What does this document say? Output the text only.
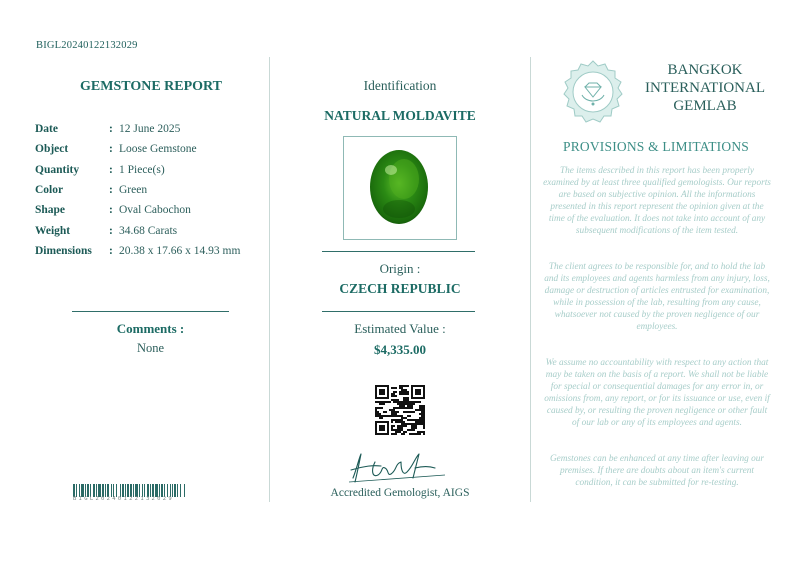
BIGL20240122132029
GEMSTONE REPORT
Date	: 12 June 2025
Object	: Loose Gemstone
Quantity	: 1 Piece(s)
Color	: Green
Shape	: Oval Cabochon
Weight	: 34.68 Carats
Dimensions	: 20.38 x 17.66 x 14.93 mm
Comments :
None
BIGL20240122132029
Identification
NATURAL MOLDAVITE
Origin :
CZECH REPUBLIC
Estimated Value :
$4,335.00
Accredited Gemologist, AIGS
BANGKOK
INTERNATIONAL
GEMLAB
PROVISIONS & LIMITATIONS
The items described in this report has been properly examined by at least three qualified gemologists. Our reports are based on subjective opinion. All the informations presented in this report represent the opinion given at the time of the evaluation. It does not take into account of any subsequent modifications of the item tested.
The client agrees to be responsible for, and to hold the lab and its employees and agents harmless from any injury, loss, damage or destruction of articles entrusted for examination, while in possession of the lab, resulting from any cause, whatsoever not caused by the proven negligence of our employees.
We assume no accountability with respect to any action that may be taken on the basis of a report. We shall not be liable for special or consequential damages for any error in, or omissions from, any report, or for its issuance or use, even if caused by, or resulting the proven negligence or other fault of our lab or any of its employees and agents.
Gemstones can be enhanced at any time after leaving our premises. If there are doubts about an item's current condition, it can be submitted for re-testing.
